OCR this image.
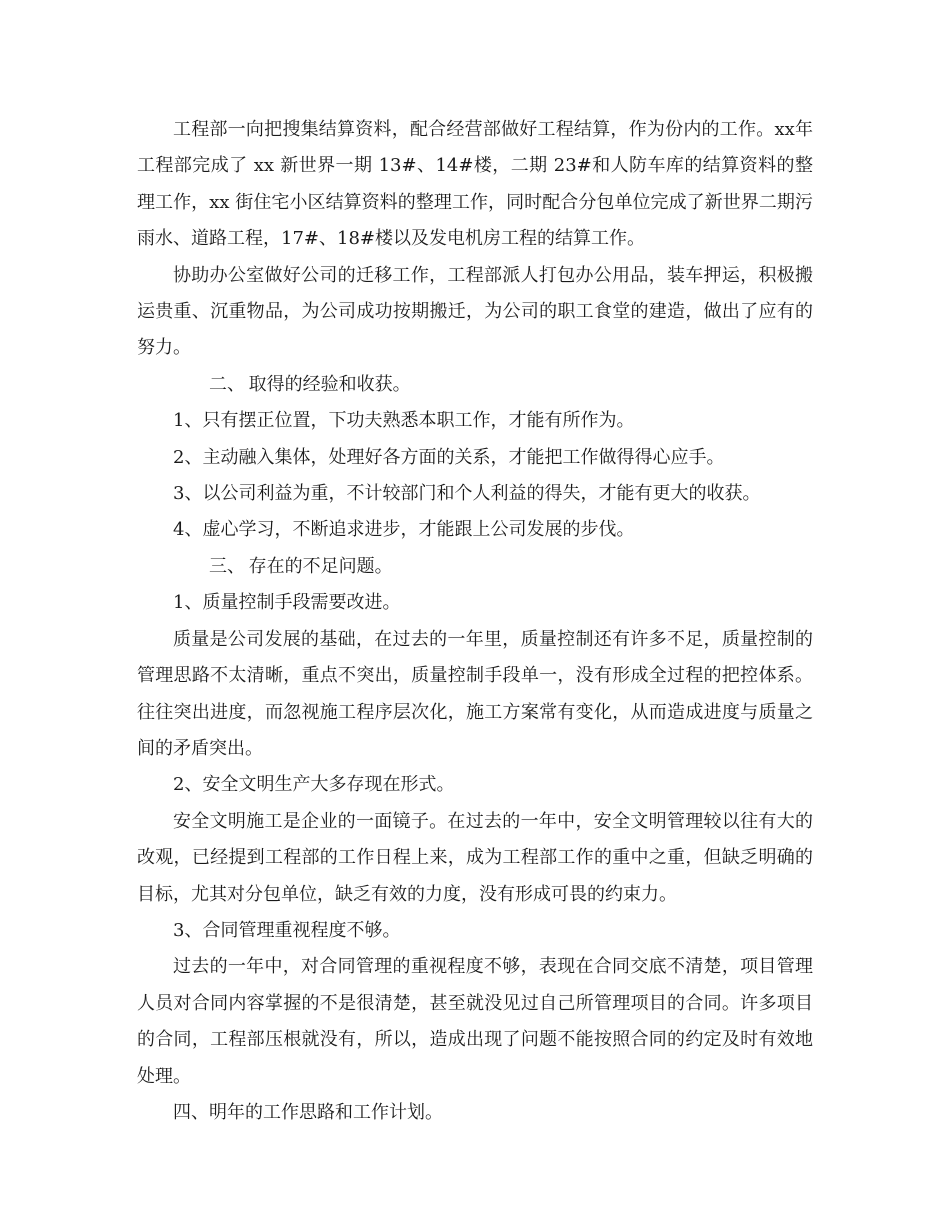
工程部一向把搜集结算资料，配合经营部做好工程结算，作为份内的工作。xx年工程部完成了 xx 新世界一期 13#、14#楼，二期 23#和人防车库的结算资料的整理工作，xx 街住宅小区结算资料的整理工作，同时配合分包单位完成了新世界二期污雨水、道路工程，17#、18#楼以及发电机房工程的结算工作。

协助办公室做好公司的迁移工作，工程部派人打包办公用品，装车押运，积极搬运贵重、沉重物品，为公司成功按期搬迁，为公司的职工食堂的建造，做出了应有的努力。

二、 取得的经验和收获。

1、只有摆正位置，下功夫熟悉本职工作，才能有所作为。

2、主动融入集体，处理好各方面的关系，才能把工作做得得心应手。

3、以公司利益为重，不计较部门和个人利益的得失，才能有更大的收获。

4、虚心学习，不断追求进步，才能跟上公司发展的步伐。

三、 存在的不足问题。

1、质量控制手段需要改进。

质量是公司发展的基础，在过去的一年里，质量控制还有许多不足，质量控制的管理思路不太清晰，重点不突出，质量控制手段单一，没有形成全过程的把控体系。往往突出进度，而忽视施工程序层次化，施工方案常有变化，从而造成进度与质量之间的矛盾突出。

2、安全文明生产大多存现在形式。

安全文明施工是企业的一面镜子。在过去的一年中，安全文明管理较以往有大的改观，已经提到工程部的工作日程上来，成为工程部工作的重中之重，但缺乏明确的目标，尤其对分包单位，缺乏有效的力度，没有形成可畏的约束力。

3、合同管理重视程度不够。

过去的一年中，对合同管理的重视程度不够，表现在合同交底不清楚，项目管理人员对合同内容掌握的不是很清楚，甚至就没见过自己所管理项目的合同。许多项目的合同，工程部压根就没有，所以，造成出现了问题不能按照合同的约定及时有效地处理。

四、明年的工作思路和工作计划。
